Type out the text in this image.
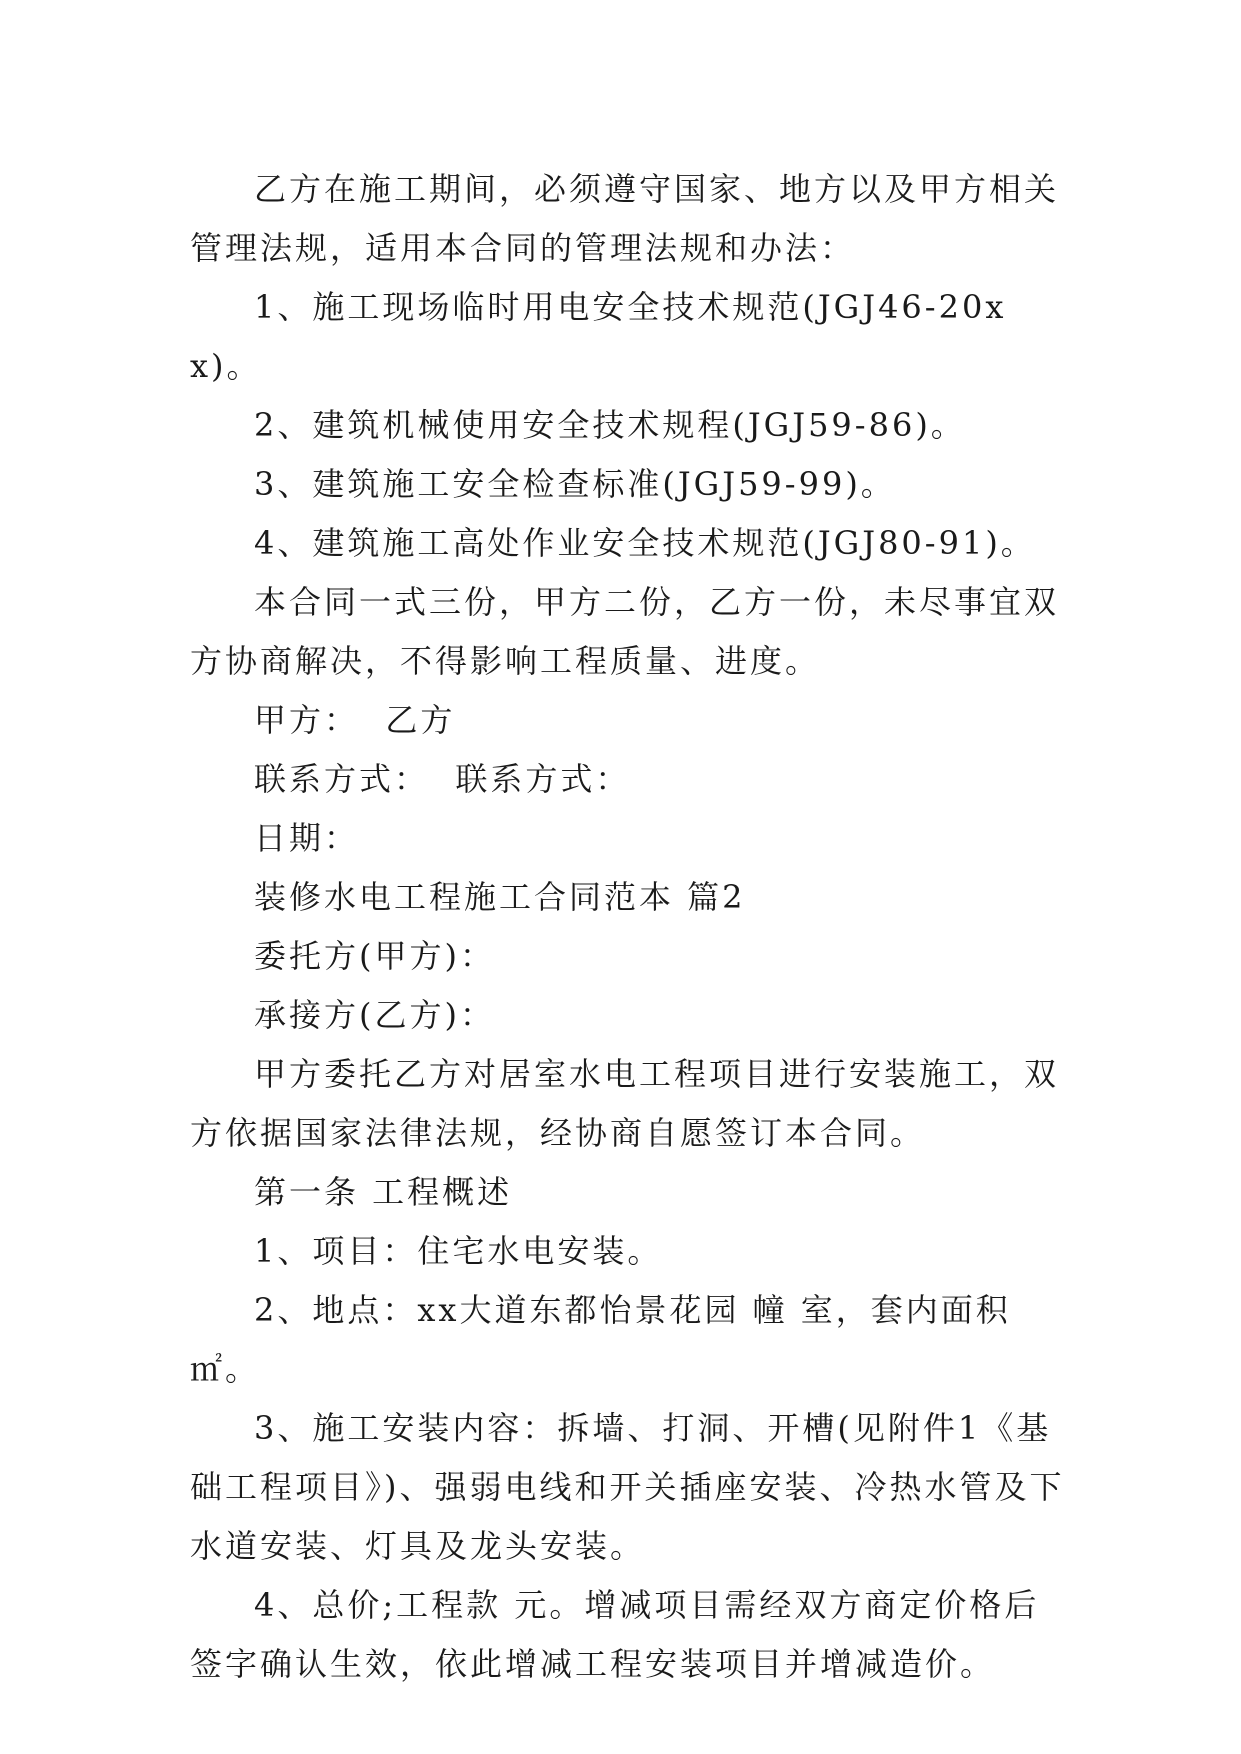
乙方在施工期间，必须遵守国家、地方以及甲方相关管理法规，适用本合同的管理法规和办法：

1、施工现场临时用电安全技术规范(JGJ46-20xx)。

2、建筑机械使用安全技术规程(JGJ59-86)。

3、建筑施工安全检查标准(JGJ59-99)。

4、建筑施工高处作业安全技术规范(JGJ80-91)。

本合同一式三份，甲方二份，乙方一份，未尽事宜双方协商解决，不得影响工程质量、进度。

甲方：  乙方

联系方式：  联系方式：

日期：

装修水电工程施工合同范本 篇2

委托方(甲方)：

承接方(乙方)：

甲方委托乙方对居室水电工程项目进行安装施工，双方依据国家法律法规，经协商自愿签订本合同。

第一条 工程概述

1、项目：住宅水电安装。

2、地点：xx大道东都怡景花园 幢 室，套内面积 ㎡。

3、施工安装内容：拆墙、打洞、开槽(见附件1《基础工程项目》)、强弱电线和开关插座安装、冷热水管及下水道安装、灯具及龙头安装。

4、总价;工程款 元。增减项目需经双方商定价格后签字确认生效，依此增减工程安装项目并增减造价。
